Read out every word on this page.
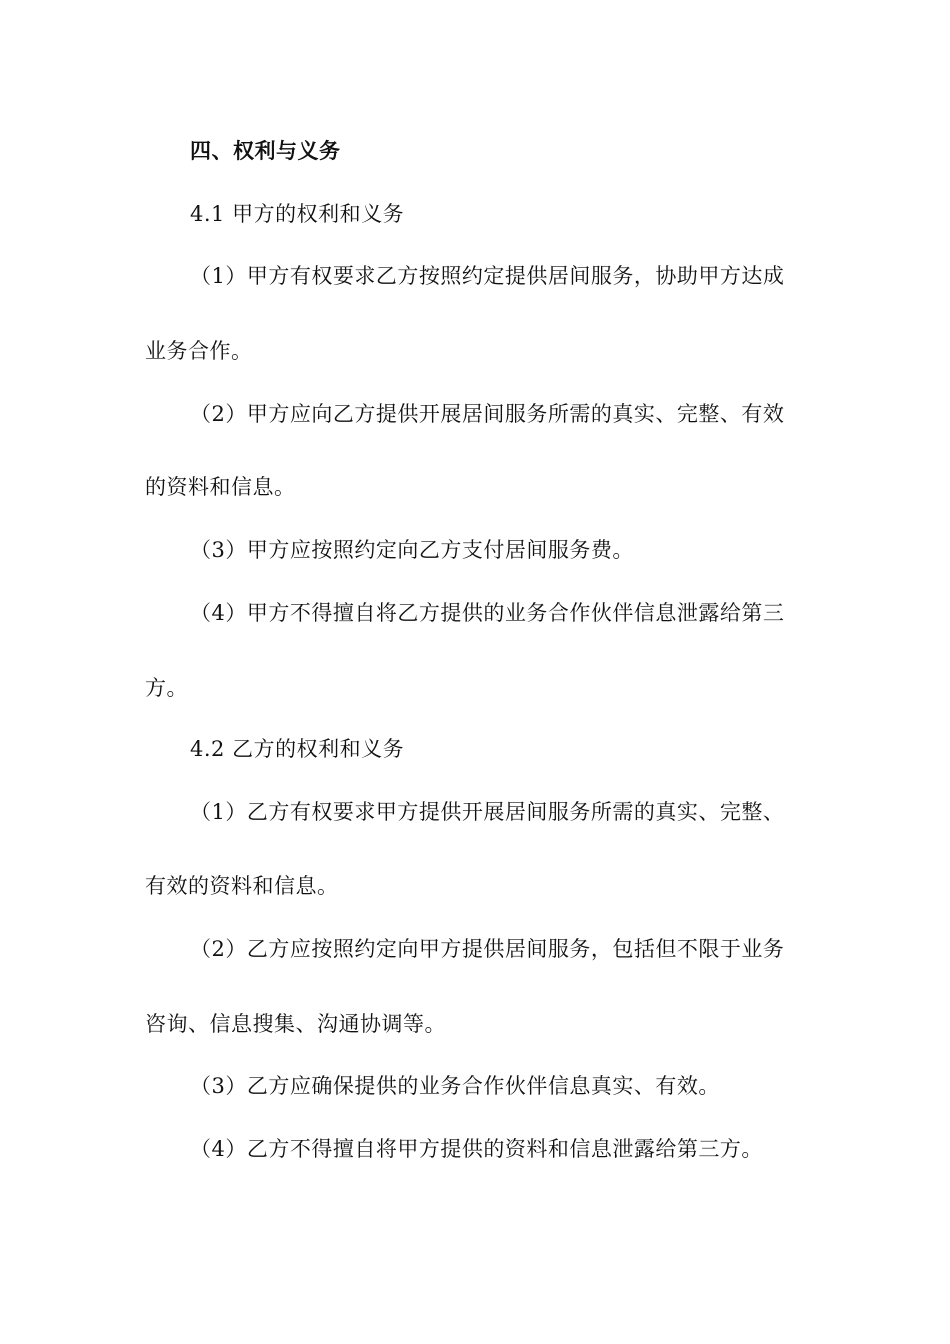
四、权利与义务
4.1 甲方的权利和义务
（1）甲方有权要求乙方按照约定提供居间服务，协助甲方达成
业务合作。
（2）甲方应向乙方提供开展居间服务所需的真实、完整、有效
的资料和信息。
（3）甲方应按照约定向乙方支付居间服务费。
（4）甲方不得擅自将乙方提供的业务合作伙伴信息泄露给第三
方。
4.2 乙方的权利和义务
（1）乙方有权要求甲方提供开展居间服务所需的真实、完整、
有效的资料和信息。
（2）乙方应按照约定向甲方提供居间服务，包括但不限于业务
咨询、信息搜集、沟通协调等。
（3）乙方应确保提供的业务合作伙伴信息真实、有效。
（4）乙方不得擅自将甲方提供的资料和信息泄露给第三方。
